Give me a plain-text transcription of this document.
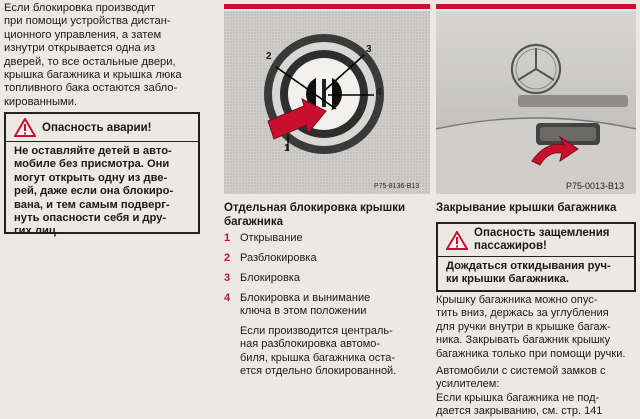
Если блокировка производит
при помощи устройства дистан-
ционного управления, а затем
изнутри открывается одна из
дверей, то все остальные двери,
крышка багажника и крышка люка
топливного бака остаются забло-
кированными.
Опасность аварии!
Не оставляйте детей в авто-
мобиле без присмотра. Они
могут открыть одну из две-
рей, даже если она блокиро-
вана, и тем самым подверг-
нуть опасности себя и дру-
гих лиц.
2
3
4
1
P75-8136-B13
Отдельная блокировка крышки
багажника
1 Открывание
2 Разблокировка
3 Блокировка
4 Блокировка и вынимание
ключа в этом положении
Если производится централь-
ная разблокировка автомо-
биля, крышка багажника оста-
ется отдельно блокированной.
P75-0013-B13
Закрывание крышки багажника
Опасность защемления
пассажиров!
Дождаться откидывания руч-
ки крышки багажника.
Крышку багажника можно опус-
тить вниз, держась за углубления
для ручки внутри в крышке багаж-
ника. Закрывать багажник крышку
багажника только при помощи ручки.
Автомобили с системой замков с
усилителем:
Если крышка багажника не под-
дается закрыванию, см. стр. 141
